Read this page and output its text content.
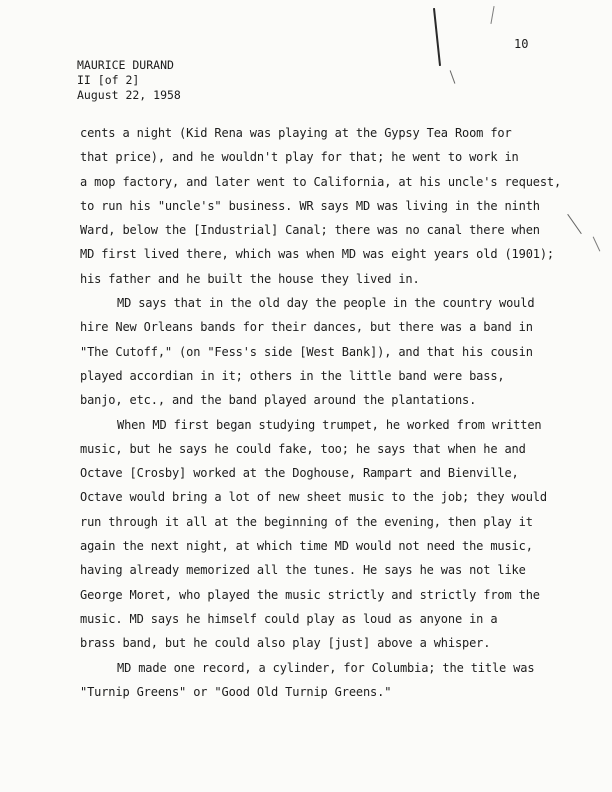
10
MAURICE DURAND
II [of 2]
August 22, 1958
cents a night (Kid Rena was playing at the Gypsy Tea Room for
that price), and he wouldn't play for that; he went to work in
a mop factory, and later went to California, at his uncle's request,
to run his "uncle's" business. WR says MD was living in the ninth
Ward, below the [Industrial] Canal; there was no canal there when
MD first lived there, which was when MD was eight years old (1901);
his father and he built the house they lived in.
MD says that in the old day the people in the country would
hire New Orleans bands for their dances, but there was a band in
"The Cutoff," (on "Fess's side [West Bank]), and that his cousin
played accordian in it; others in the little band were bass,
banjo, etc., and the band played around the plantations.
When MD first began studying trumpet, he worked from written
music, but he says he could fake, too; he says that when he and
Octave [Crosby] worked at the Doghouse, Rampart and Bienville,
Octave would bring a lot of new sheet music to the job; they would
run through it all at the beginning of the evening, then play it
again the next night, at which time MD would not need the music,
having already memorized all the tunes. He says he was not like
George Moret, who played the music strictly and strictly from the
music. MD says he himself could play as loud as anyone in a
brass band, but he could also play [just] above a whisper.
MD made one record, a cylinder, for Columbia; the title was
"Turnip Greens" or "Good Old Turnip Greens."
